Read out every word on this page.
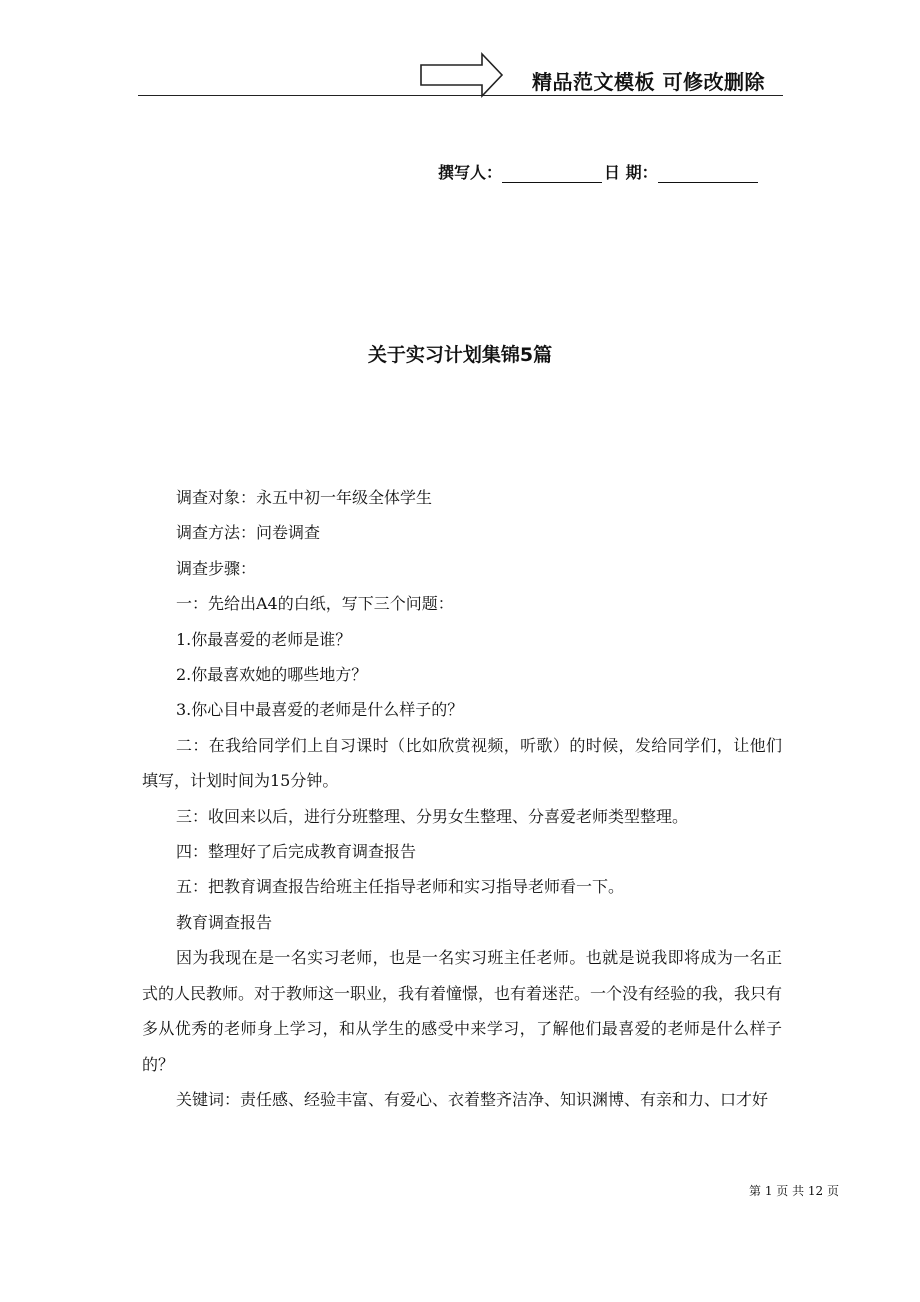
精品范文模板 可修改删除
撰写人：	日 期：
关于实习计划集锦5篇

调查对象：永五中初一年级全体学生

调查方法：问卷调查

调查步骤：

一：先给出A4的白纸，写下三个问题：

1.你最喜爱的老师是谁？

2.你最喜欢她的哪些地方？

3.你心目中最喜爱的老师是什么样子的？

二：在我给同学们上自习课时（比如欣赏视频，听歌）的时候，发给同学们，让他们填写，计划时间为15分钟。

三：收回来以后，进行分班整理、分男女生整理、分喜爱老师类型整理。

四：整理好了后完成教育调查报告

五：把教育调查报告给班主任指导老师和实习指导老师看一下。

教育调查报告

因为我现在是一名实习老师，也是一名实习班主任老师。也就是说我即将成为一名正式的人民教师。对于教师这一职业，我有着憧憬，也有着迷茫。一个没有经验的我，我只有多从优秀的老师身上学习，和从学生的感受中来学习，了解他们最喜爱的老师是什么样子的？

关键词：责任感、经验丰富、有爱心、衣着整齐洁净、知识渊博、有亲和力、口才好

第 1 页 共 12 页
